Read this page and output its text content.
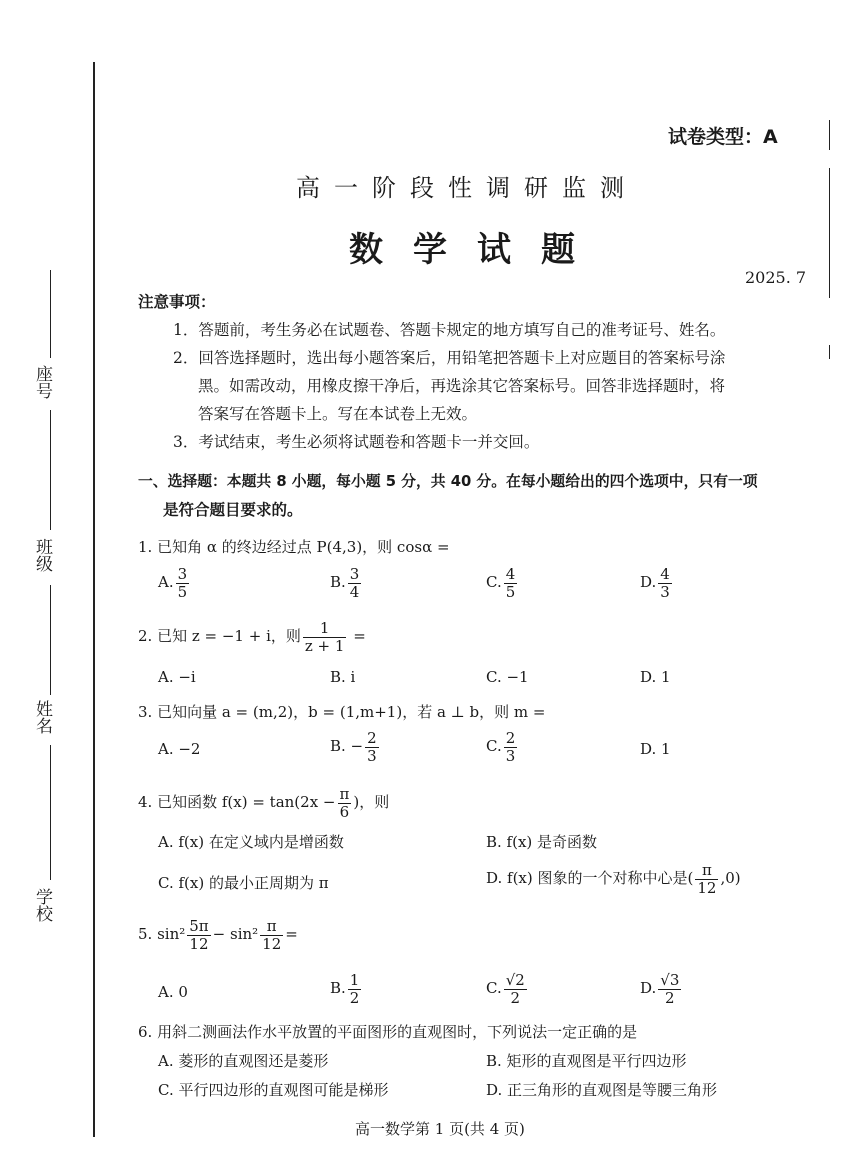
座号
班级
姓名
学校
试卷类型：A
高一阶段性调研监测
数学试题
2025. 7
注意事项：
1．答题前，考生务必在试题卷、答题卡规定的地方填写自己的准考证号、姓名。
2．回答选择题时，选出每小题答案后，用铅笔把答题卡上对应题目的答案标号涂
黑。如需改动，用橡皮擦干净后，再选涂其它答案标号。回答非选择题时，将
答案写在答题卡上。写在本试卷上无效。
3．考试结束，考生必须将试题卷和答题卡一并交回。
一、选择题：本题共 8 小题，每小题 5 分，共 40 分。在每小题给出的四个选项中，只有一项
是符合题目要求的。
1. 已知角 α 的终边经过点 P(4,3)，则 cosα =
A. $\frac{3}{5}$	B. $\frac{3}{4}$	C. $\frac{4}{5}$	D. $\frac{4}{3}$
2. 已知 z = −1 + i，则 $\frac{1}{z + 1}$ =
A. −i	B. i	C. −1	D. 1
3. 已知向量 a = (m,2)，b = (1,m+1)，若 a ⊥ b，则 m =
A. −2	B. − $\frac{2}{3}$	C. $\frac{2}{3}$	D. 1
4. 已知函数 $f(x) = \tan(2x - \frac{\pi}{6}$ )，则
A. f(x) 在定义域内是增函数	B. f(x) 是奇函数
C. f(x) 的最小正周期为 π	D. f(x) 图象的一个对称中心是( $\frac{\pi}{12} ,0$)
5. $\sin^2 \frac{5\pi}{12} - \sin^2 \frac{\pi}{12}$ =
A. 0	B. $\frac{1}{2}$	C. $\frac{√2}{2}$	D. $\frac{√3}{2}$
6. 用斜二测画法作水平放置的平面图形的直观图时，下列说法一定正确的是
A. 菱形的直观图还是菱形	B. 矩形的直观图是平行四边形
C. 平行四边形的直观图可能是梯形	D. 正三角形的直观图是等腰三角形
高一数学第 1 页(共 4 页)
